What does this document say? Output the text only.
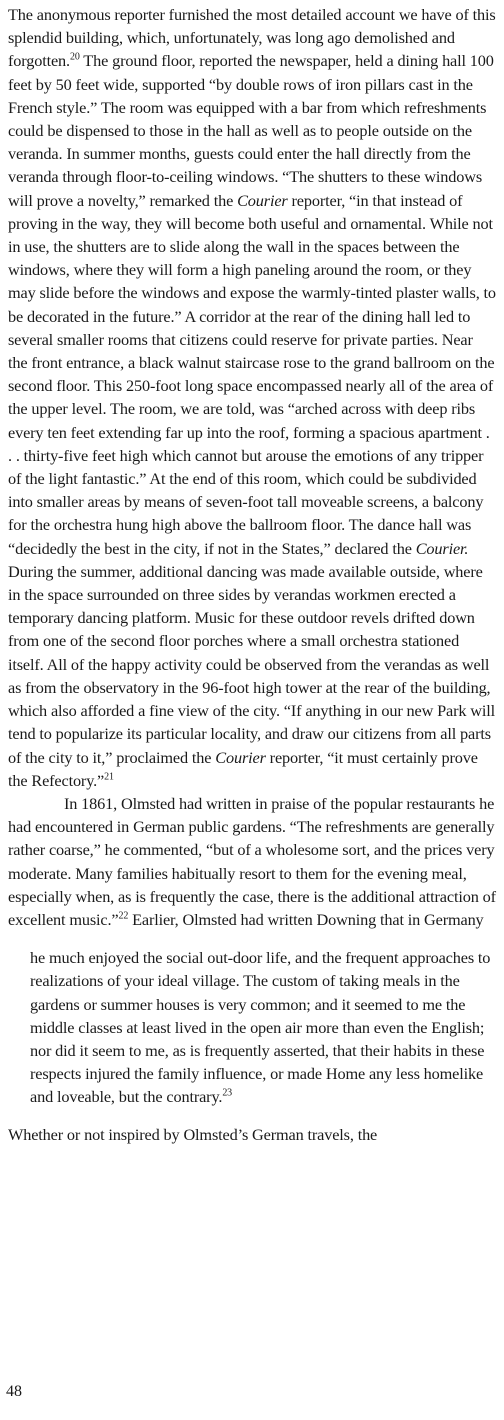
The anonymous reporter furnished the most detailed account we have of this splendid building, which, unfortunately, was long ago demolished and forgotten.$^{20}$ The ground floor, reported the newspaper, held a dining hall 100 feet by 50 feet wide, supported “by double rows of iron pillars cast in the French style.” The room was equipped with a bar from which refreshments could be dispensed to those in the hall as well as to people outside on the veranda. In summer months, guests could enter the hall directly from the veranda through floor-to-ceiling windows. “The shutters to these windows will prove a novelty,” remarked the Courier reporter, “in that instead of proving in the way, they will become both useful and ornamental. While not in use, the shutters are to slide along the wall in the spaces between the windows, where they will form a high paneling around the room, or they may slide before the windows and expose the warmly-tinted plaster walls, to be decorated in the future.” A corridor at the rear of the dining hall led to several smaller rooms that citizens could reserve for private parties. Near the front entrance, a black walnut staircase rose to the grand ballroom on the second floor. This 250-foot long space encompassed nearly all of the area of the upper level. The room, we are told, was “arched across with deep ribs every ten feet extending far up into the roof, forming a spacious apartment . . . thirty-five feet high which cannot but arouse the emotions of any tripper of the light fantastic.” At the end of this room, which could be subdivided into smaller areas by means of seven-foot tall moveable screens, a balcony for the orchestra hung high above the ballroom floor. The dance hall was “decidedly the best in the city, if not in the States,” declared the Courier. During the summer, additional dancing was made available outside, where in the space surrounded on three sides by verandas workmen erected a temporary dancing platform. Music for these outdoor revels drifted down from one of the second floor porches where a small orchestra stationed itself. All of the happy activity could be observed from the verandas as well as from the observatory in the 96-foot high tower at the rear of the building, which also afforded a fine view of the city. “If anything in our new Park will tend to popularize its particular locality, and draw our citizens from all parts of the city to it,” proclaimed the Courier reporter, “it must certainly prove the Refectory.”$^{21}$

In 1861, Olmsted had written in praise of the popular restaurants he had encountered in German public gardens. “The refreshments are generally rather coarse,” he commented, “but of a wholesome sort, and the prices very moderate. Many families habitually resort to them for the evening meal, especially when, as is frequently the case, there is the additional attraction of excellent music.”$^{22}$ Earlier, Olmsted had written Downing that in Germany

he much enjoyed the social out-door life, and the frequent approaches to realizations of your ideal village. The custom of taking meals in the gardens or summer houses is very common; and it seemed to me the middle classes at least lived in the open air more than even the English; nor did it seem to me, as is frequently asserted, that their habits in these respects injured the family influence, or made Home any less homelike and loveable, but the contrary.$^{23}$

Whether or not inspired by Olmsted’s German travels, the

48
